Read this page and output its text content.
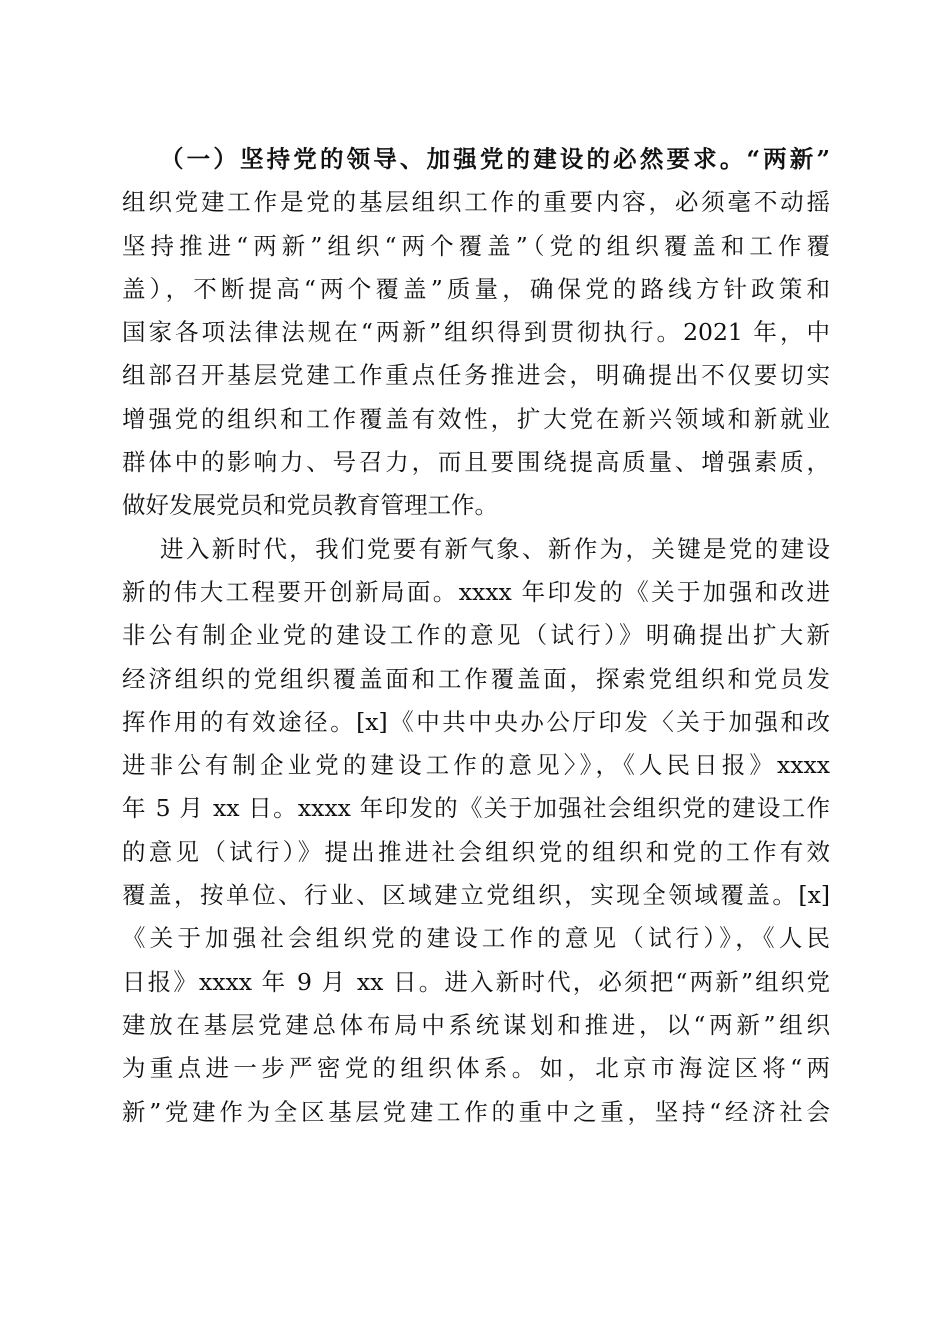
（一）坚持党的领导、加强党的建设的必然要求。“两新”
组织党建工作是党的基层组织工作的重要内容，必须毫不动摇
坚持推进“两新”组织“两个覆盖”（党的组织覆盖和工作覆
盖），不断提高“两个覆盖”质量，确保党的路线方针政策和
国家各项法律法规在“两新”组织得到贯彻执行。2021 年，中
组部召开基层党建工作重点任务推进会，明确提出不仅要切实
增强党的组织和工作覆盖有效性，扩大党在新兴领域和新就业
群体中的影响力、号召力，而且要围绕提高质量、增强素质，
做好发展党员和党员教育管理工作。
进入新时代，我们党要有新气象、新作为，关键是党的建设
新的伟大工程要开创新局面。xxxx 年印发的《关于加强和改进
非公有制企业党的建设工作的意见（试行）》明确提出扩大新
经济组织的党组织覆盖面和工作覆盖面，探索党组织和党员发
挥作用的有效途径。[x]《中共中央办公厅印发〈关于加强和改
进非公有制企业党的建设工作的意见〉》，《人民日报》xxxx
年 5 月 xx 日。xxxx 年印发的《关于加强社会组织党的建设工作
的意见（试行）》提出推进社会组织党的组织和党的工作有效
覆盖，按单位、行业、区域建立党组织，实现全领域覆盖。[x]
《关于加强社会组织党的建设工作的意见（试行）》，《人民
日报》xxxx 年 9 月 xx 日。进入新时代，必须把“两新”组织党
建放在基层党建总体布局中系统谋划和推进，以“两新”组织
为重点进一步严密党的组织体系。如，北京市海淀区将“两
新”党建作为全区基层党建工作的重中之重，坚持“经济社会
